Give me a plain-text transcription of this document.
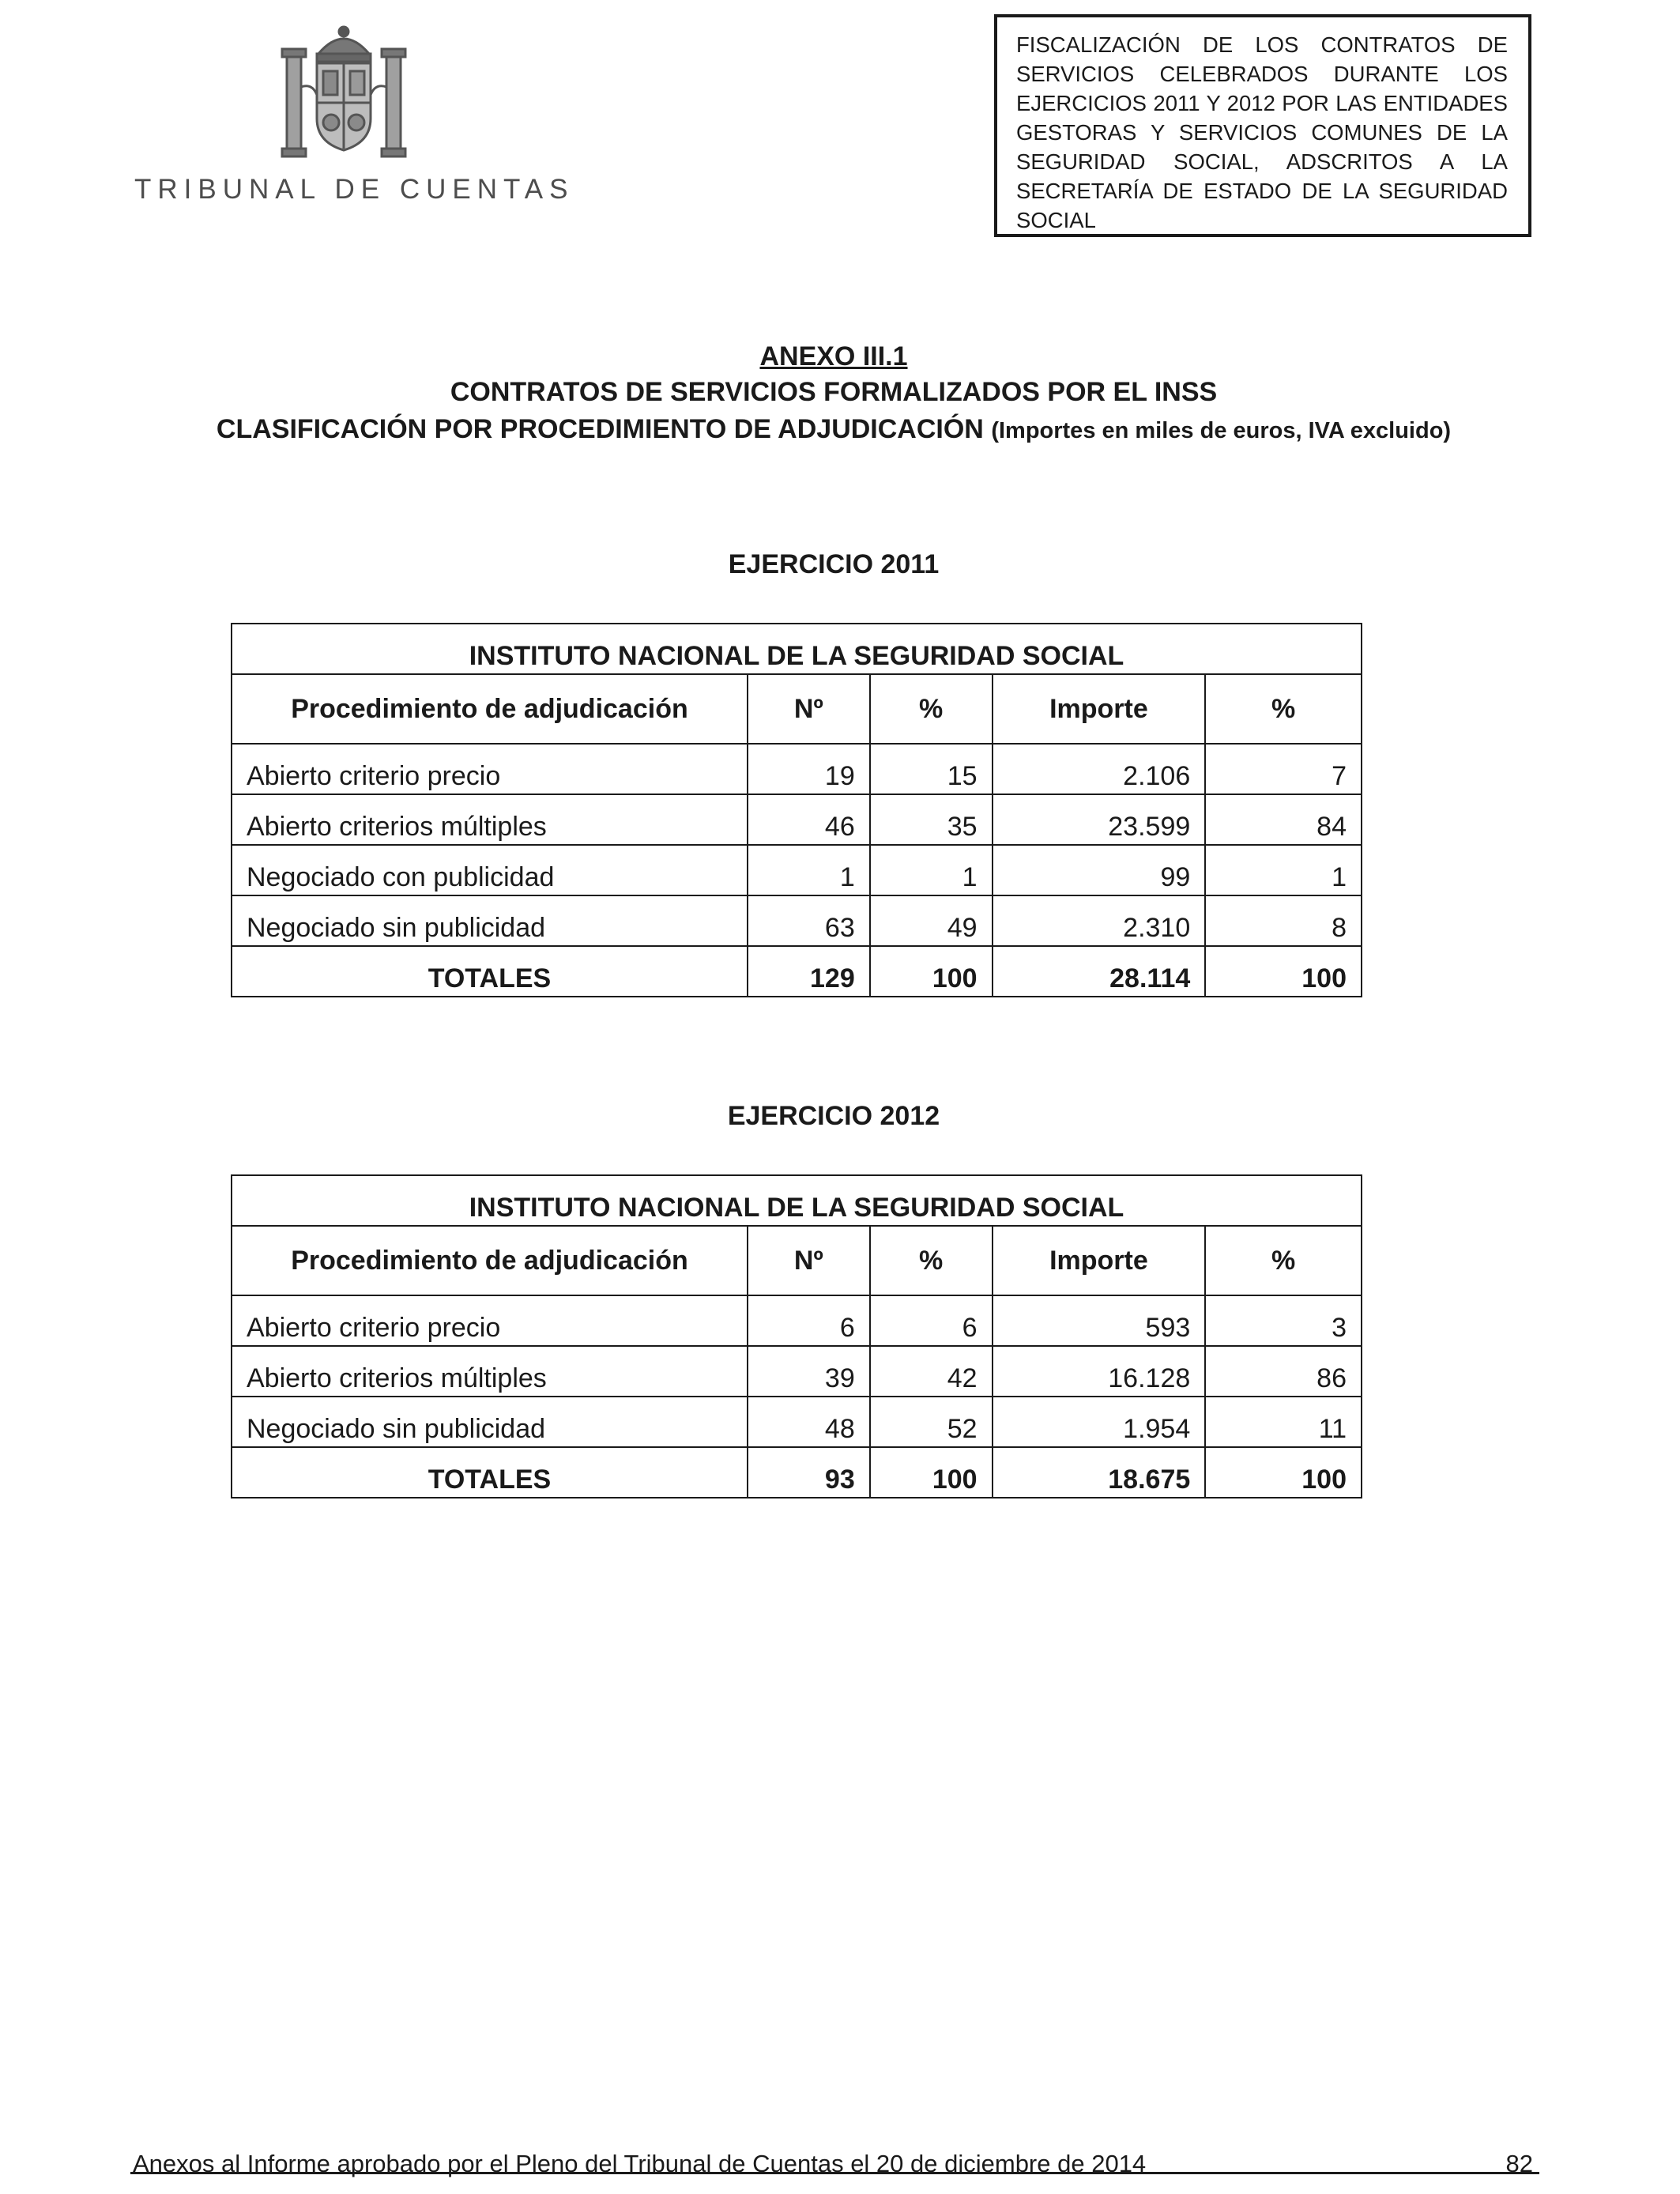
TRIBUNAL DE CUENTAS
FISCALIZACIÓN DE LOS CONTRATOS DE SERVICIOS CELEBRADOS DURANTE LOS EJERCICIOS 2011 Y 2012 POR LAS ENTIDADES GESTORAS Y SERVICIOS COMUNES DE LA SEGURIDAD SOCIAL, ADSCRITOS A LA SECRETARÍA DE ESTADO DE LA SEGURIDAD SOCIAL
ANEXO III.1
CONTRATOS DE SERVICIOS FORMALIZADOS POR EL INSS
CLASIFICACIÓN POR PROCEDIMIENTO DE ADJUDICACIÓN (Importes en miles de euros, IVA excluido)
EJERCICIO 2011
INSTITUTO NACIONAL DE LA SEGURIDAD SOCIAL				
Procedimiento de adjudicación	Nº	%	Importe	%
Abierto criterio precio	19	15	2.106	7
Abierto criterios múltiples	46	35	23.599	84
Negociado con publicidad	1	1	99	1
Negociado sin publicidad	63	49	2.310	8
TOTALES	129	100	28.114	100
EJERCICIO 2012
INSTITUTO NACIONAL DE LA SEGURIDAD SOCIAL				
Procedimiento de adjudicación	Nº	%	Importe	%
Abierto criterio precio	6	6	593	3
Abierto criterios múltiples	39	42	16.128	86
Negociado sin publicidad	48	52	1.954	11
TOTALES	93	100	18.675	100
Anexos al Informe aprobado por el Pleno del Tribunal de Cuentas el 20 de diciembre de 2014	82
